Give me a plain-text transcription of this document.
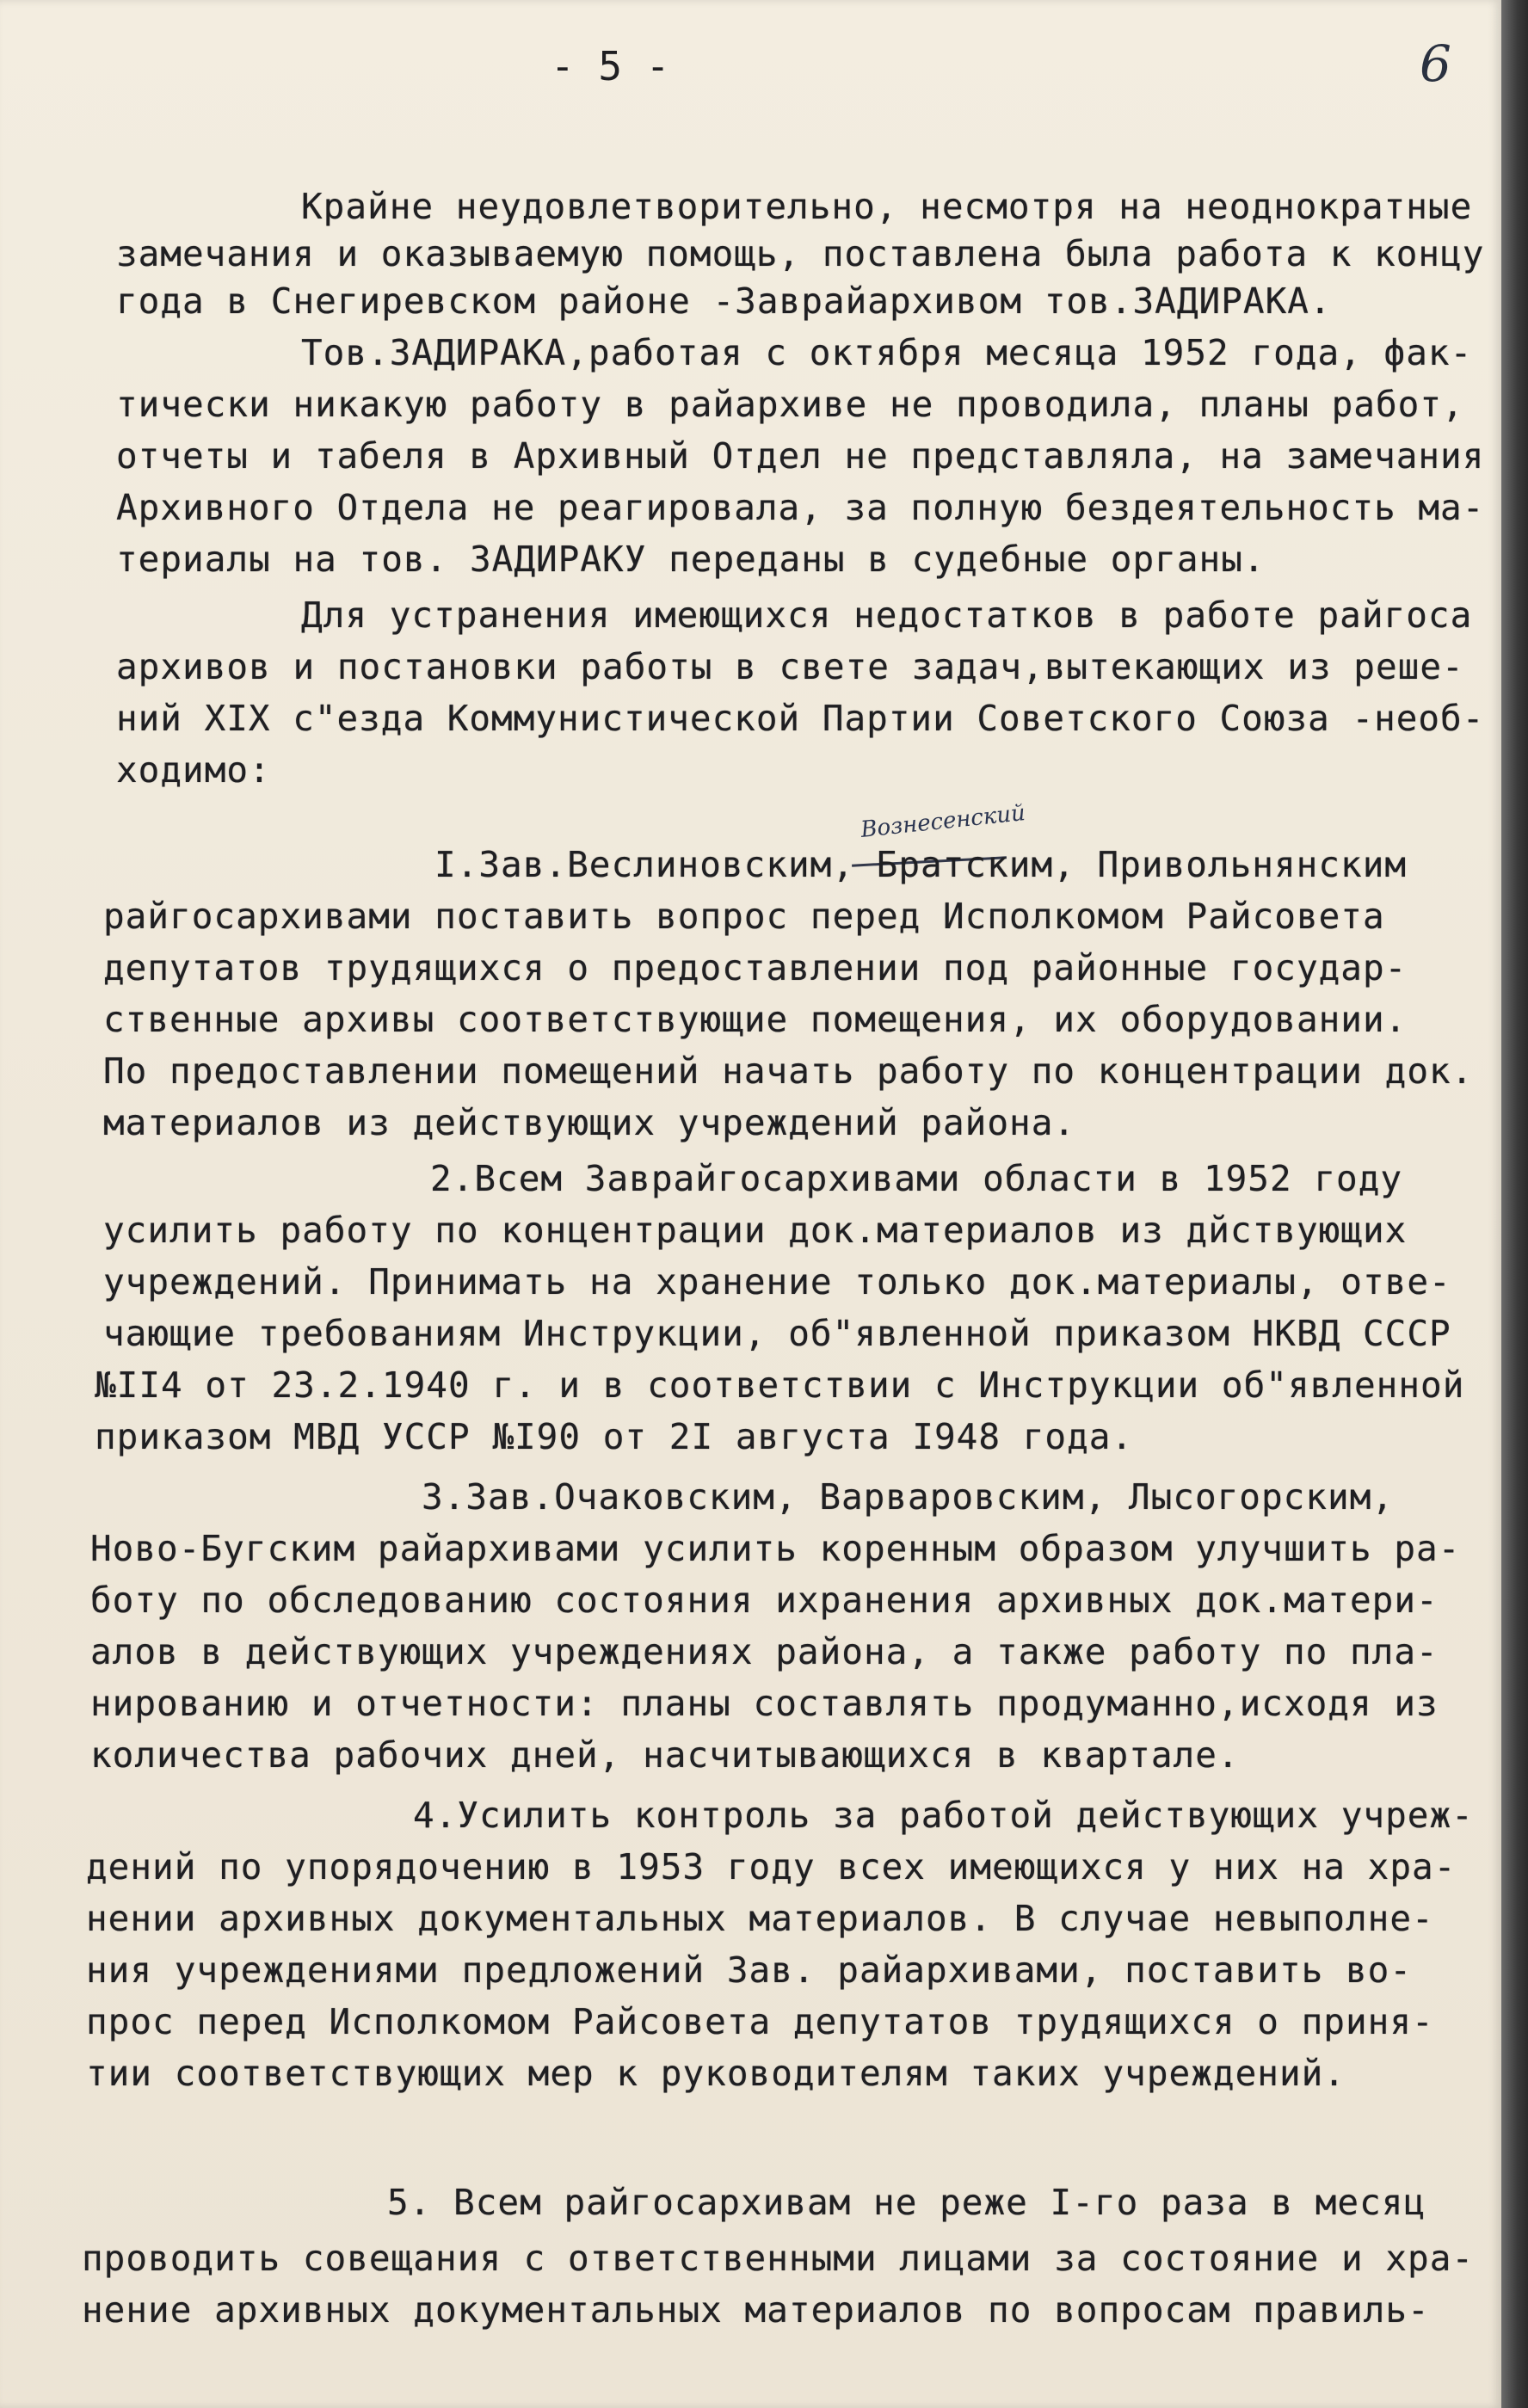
- 5 -	6
Крайне неудовлетворительно, несмотря на неоднократные
замечания и оказываемую помощь, поставлена была работа к концу
года в Снегиревском районе -Завpайархивом тов.ЗАДИРАКА.
Тов.ЗАДИРАКА,работая с октября месяца 1952 года, фак-
тически никакую работу в райархиве не проводила, планы работ,
отчеты и табеля в Архивный Отдел не представляла, на замечания
Архивного Отдела не реагировала, за полную бездеятельность ма-
териалы на тов. ЗАДИРАКУ переданы в судебные органы.
Для устранения имеющихся недостатков в работе райгоса
архивов и постановки работы в свете задач,вытекающих из реше-
ний XIX с"езда Коммунистической Партии Советского Союза -необ-
ходимо:
Вознесенский
I.Зав.Веслиновским, Братским, Привольнянским
райгосархивами поставить вопрос перед Исполкомом Райсовета
депутатов трудящихся о предоставлении под районные государ-
ственные архивы соответствующие помещения, их оборудовании.
По предоставлении помещений начать работу по концентрации док.
материалов из действующих учреждений района.
2.Всем Завpайгосархивами области в 1952 году
усилить работу по концентрации док.материалов из дйствующих
учреждений. Принимать на хранение только док.материалы, отве-
чающие требованиям Инструкции, об"явленной приказом НКВД СССР
№II4 от 23.2.1940 г. и в соответствии с Инструкции об"явленной
приказом МВД УССР №I90 от 2I августа I948 года.
3.Зав.Очаковским, Варваровским, Лысогорским,
Ново-Бугским райархивами усилить коренным образом улучшить ра-
боту по обследованию состояния ихранения архивных док.матери-
алов в действующих учреждениях района, а также работу по пла-
нированию и отчетности: планы составлять продуманно,исходя из
количества рабочих дней, насчитывающихся в квартале.
4.Усилить контроль за работой действующих учреж-
дений по упорядочению в 1953 году всех имеющихся у них на хра-
нении архивных документальных материалов. В случае невыполне-
ния учреждениями предложений Зав. райархивами, поставить во-
прос перед Исполкомом Райсовета депутатов трудящихся о приня-
тии соответствующих мер к руководителям таких учреждений.
5. Всем райгосархивам не реже I-го раза в месяц
проводить совещания с ответственными лицами за состояние и хра-
нение архивных документальных материалов по вопросам правиль-
